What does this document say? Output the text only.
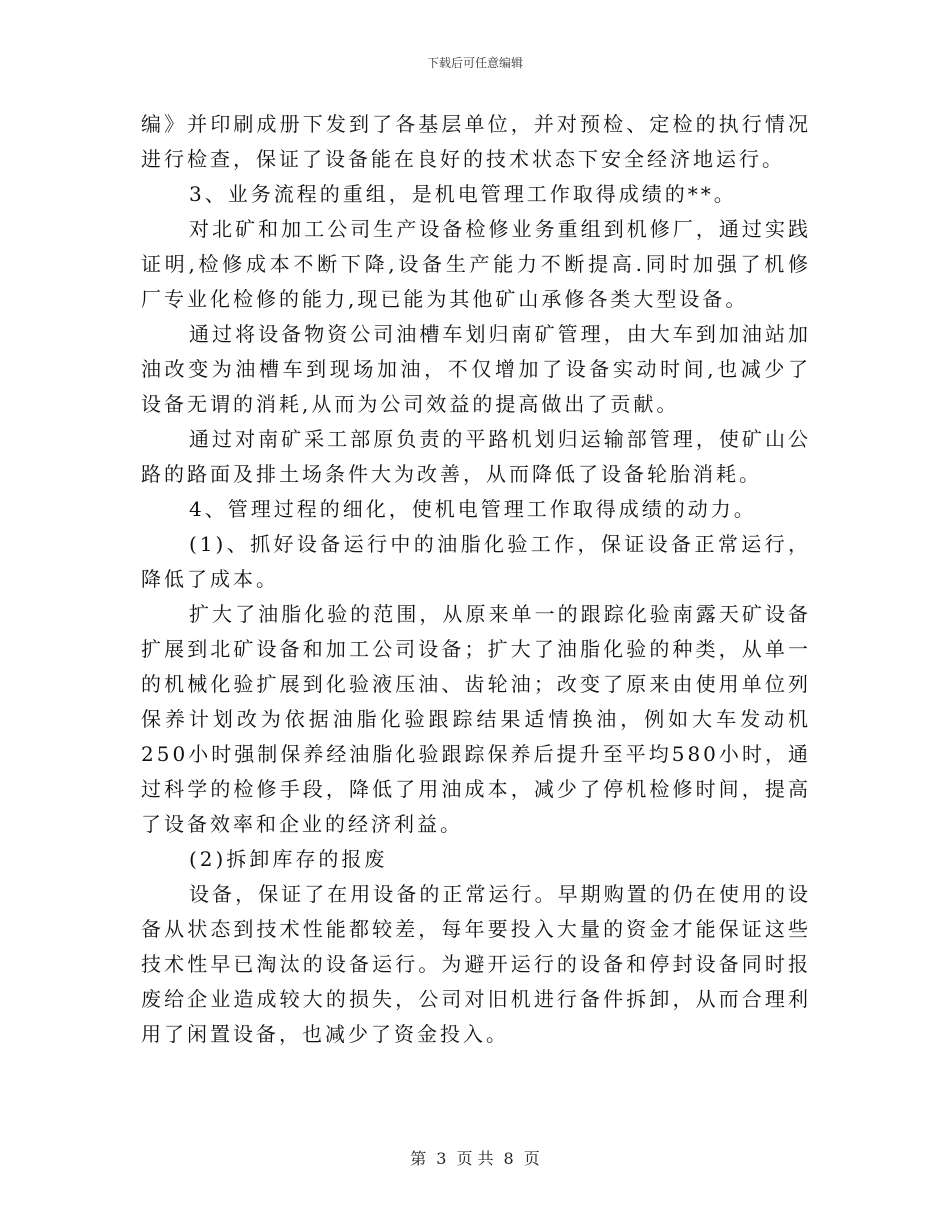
下载后可任意编辑

编》并印刷成册下发到了各基层单位，并对预检、定检的执行情况进行检查，保证了设备能在良好的技术状态下安全经济地运行。

3、业务流程的重组，是机电管理工作取得成绩的**。

对北矿和加工公司生产设备检修业务重组到机修厂，通过实践证明,检修成本不断下降,设备生产能力不断提高.同时加强了机修厂专业化检修的能力,现已能为其他矿山承修各类大型设备。

通过将设备物资公司油槽车划归南矿管理，由大车到加油站加油改变为油槽车到现场加油，不仅增加了设备实动时间,也减少了设备无谓的消耗,从而为公司效益的提高做出了贡献。

通过对南矿采工部原负责的平路机划归运输部管理，使矿山公路的路面及排土场条件大为改善，从而降低了设备轮胎消耗。

4、管理过程的细化，使机电管理工作取得成绩的动力。

(1)、抓好设备运行中的油脂化验工作，保证设备正常运行，降低了成本。

扩大了油脂化验的范围，从原来单一的跟踪化验南露天矿设备扩展到北矿设备和加工公司设备；扩大了油脂化验的种类，从单一的机械化验扩展到化验液压油、齿轮油；改变了原来由使用单位列保养计划改为依据油脂化验跟踪结果适情换油，例如大车发动机250小时强制保养经油脂化验跟踪保养后提升至平均580小时，通过科学的检修手段，降低了用油成本，减少了停机检修时间，提高了设备效率和企业的经济利益。

(2)拆卸库存的报废

设备，保证了在用设备的正常运行。早期购置的仍在使用的设备从状态到技术性能都较差，每年要投入大量的资金才能保证这些技术性早已淘汰的设备运行。为避开运行的设备和停封设备同时报废给企业造成较大的损失，公司对旧机进行备件拆卸，从而合理利用了闲置设备，也减少了资金投入。

第 3 页 共 8 页
